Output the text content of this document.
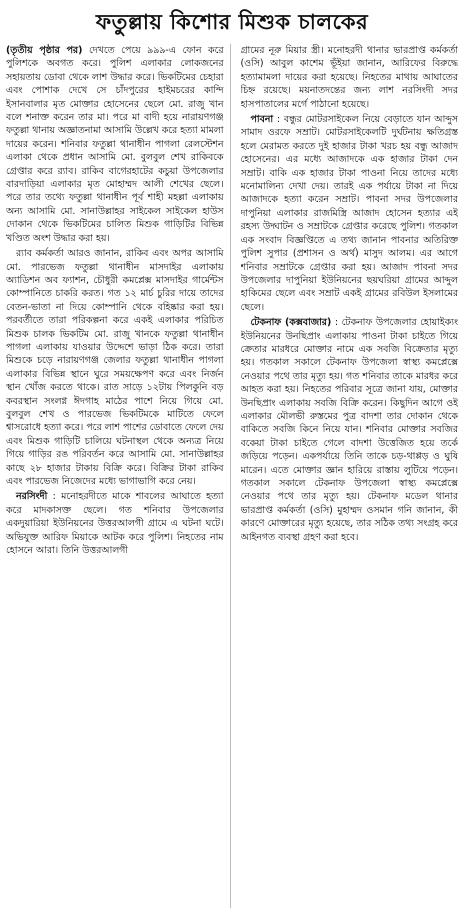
ফতুল্লায় কিশোর মিশুক চালকের

(তৃতীয় পৃষ্ঠার পর) দেখতে পেয়ে ৯৯৯-এ ফোন করে পুলিশকে অবগত করে। পুলিশ এলাকার লোকজনের সহায়তায় ডোবা থেকে লাশ উদ্ধার করে। ভিকটিমের চেহারা এবং পোশাক দেখে সে চাঁদপুরের হাইমচরের কান্দি ইসানবালার মৃত মোক্তার হোসেনের ছেলে মো. রাজু খান বলে শনাক্ত করেন তার মা। পরে মা বাদী হয়ে নারায়ণগঞ্জ ফতুল্লা থানায় অজ্ঞাতনামা আসামি উল্লেখ করে হত্যা মামলা দায়ের করেন। শনিবার ফতুল্লা থানাধীন পাগলা রেলস্টেশন এলাকা থেকে প্রধান আসামি মো. বুলবুল শেখ রাকিবকে গ্রেপ্তার করে র‍্যাব। রাকিব বাগেরহাটের কচুয়া উপজেলার বারদাড়িয়া এলাকার মৃত মোহাম্মদ আলী শেখের ছেলে। পরে তার তথ্যে ফতুল্লা থানাধীন পূর্ব শাহী মহল্লা এলাকায় অন্য আসামি মো. সানাউল্লাহর সাইকেল সাইকেল হাউস দোকান থেকে ভিকটিমের চালিত মিশুক গাড়িটির বিভিন্ন খণ্ডিত অংশ উদ্ধার করা হয়।

র‍্যাব কর্মকর্তা আরও জানান, রাকিব এবং অপর আসামি মো. পারভেজ ফতুল্লা থানাধীন মাসদাইর এলাকায় অ্যাডিশন অব ফ্যাশন, চৌধুরী কমপ্লেক্স মাসদাইর গার্মেন্টস কোম্পানিতে চাকরি করত। গত ১২ মার্চ চুরির দায়ে তাদের বেতন-ভাতা না দিয়ে কোম্পানি থেকে বহিষ্কার করা হয়। পরবর্তীতে তারা পরিকল্পনা করে একই এলাকার পরিচিত মিশুক চালক ভিকটিম মো. রাজু খানকে ফতুল্লা থানাধীন পাগলা এলাকায় যাওয়ার উদ্দেশে ভাড়া ঠিক করে। তারা মিশুকে চড়ে নারায়ণগঞ্জ জেলার ফতুল্লা থানাধীন পাগলা এলাকার বিভিন্ন স্থানে ঘুরে সময়ক্ষেপণ করে এবং নির্জন স্থান খোঁজ করতে থাকে। রাত সাড়ে ১২টায় পিলকুনি বড় কবরস্থান সংলগ্ন ঈদগাহ মাঠের পাশে নিয়ে গিয়ে মো. বুলবুল শেখ ও পারভেজ ভিকটিমকে মাটিতে ফেলে শ্বাসরোধে হত্যা করে। পরে লাশ পাশের ডোবাতে ফেলে দেয় এবং মিশুক গাড়িটি চালিয়ে ঘটনাস্থল থেকে অন্যত্র নিয়ে গিয়ে গাড়ির রঙ পরিবর্তন করে আসামি মো. সানাউল্লাহর কাছে ২৮ হাজার টাকায় বিক্রি করে। বিক্রির টাকা রাকিব এবং পারভেজ নিজেদের মধ্যে ভাগাভাগি করে নেয়।

নরসিংদী : মনোহরদীতে মাকে শাবলের আঘাতে হত্যা করে মাদকাসক্ত ছেলে। গত শনিবার উপজেলার একদুয়ারিয়া ইউনিয়নের উত্তরআলগী গ্রামে এ ঘটনা ঘটে। অভিযুক্ত আরিফ মিয়াকে আটক করে পুলিশ। নিহতের নাম হোসনে আরা। তিনি উত্তরআলগী

গ্রামের নূরু মিয়ার স্ত্রী। মনোহরদী থানার ভারপ্রাপ্ত কর্মকর্তা (ওসি) আবুল কাশেম ভূঁইয়া জানান, আরিফের বিরুদ্ধে হত্যামামলা দায়ের করা হয়েছে। নিহতের মাথায় আঘাতের চিহ্ন রয়েছে। ময়নাতদন্তের জন্য লাশ নরসিংদী সদর হাসপাতালের মর্গে পাঠানো হয়েছে।

পাবনা : বন্ধুর মোটরসাইকেল নিয়ে বেড়াতে যান আব্দুস সামাদ ওরফে সম্রাট। মোটরসাইকেলটি দুর্ঘটনায় ক্ষতিগ্রস্ত হলে মেরামত করতে দুই হাজার টাকা খরচ হয় বন্ধু আজাদ হোসেনের। এর মধ্যে আজাদকে এক হাজার টাকা দেন সম্রাট। বাকি এক হাজার টাকা পাওনা নিয়ে তাদের মধ্যে মনোমালিন্য দেখা দেয়। তারই এক পর্যায়ে টাকা না দিয়ে আজাদকে হত্যা করেন সম্রাট। পাবনা সদর উপজেলার দাপুনিয়া এলাকার রাজমিস্ত্রি আজাদ হোসেন হত্যার এই রহস্য উদ্ঘাটন ও সম্রাটকে গ্রেপ্তার করেছে পুলিশ। গতকাল এক সংবাদ বিজ্ঞপ্তিতে এ তথ্য জানান পাবনার অতিরিক্ত পুলিশ সুপার (প্রশাসন ও অর্থ) মাসুদ আলম। এর আগে শনিবার সম্রাটকে গ্রেপ্তার করা হয়। আজাদ পাবনা সদর উপজেলার দাপুনিয়া ইউনিয়নের ছয়ঘরিয়া গ্রামের আব্দুল হাকিমের ছেলে এবং সম্রাট একই গ্রামের রবিউল ইসলামের ছেলে।

টেকনাফ (কক্সবাজার) : টেকনাফ উপজেলার হোয়াইক্যং ইউনিয়নের উনছিপ্রাং এলাকায় পাওনা টাকা চাইতে গিয়ে ক্রেতার মারধরে মোক্তার নামে এক সবজি বিক্রেতার মৃত্যু হয়। গতকাল সকালে টেকনাফ উপজেলা স্বাস্থ্য কমপ্লেক্সে নেওয়ার পথে তার মৃত্যু হয়। গত শনিবার তাকে মারধর করে আহত করা হয়। নিহতের পরিবার সূত্রে জানা যায়, মোক্তার উনছিপ্রাং এলাকায় সবজি বিক্রি করেন। কিছুদিন আগে ওই এলাকার মৌলভী রুস্তমের পুত্র বাদশা তার দোকান থেকে বাকিতে সবজি কিনে নিয়ে যান। শনিবার মোক্তার সবজির বকেয়া টাকা চাইতে গেলে বাদশা উত্তেজিত হয়ে তর্কে জড়িয়ে পড়েন। একপর্যায়ে তিনি তাকে চড়-থাপ্পড় ও ঘুষি মারেন। এতে মোক্তার জ্ঞান হারিয়ে রাস্তায় লুটিয়ে পড়েন। গতকাল সকালে টেকনাফ উপজেলা স্বাস্থ্য কমপ্লেক্সে নেওয়ার পথে তার মৃত্যু হয়। টেকনাফ মডেল থানার ভারপ্রাপ্ত কর্মকর্তা (ওসি) মুহাম্মদ ওসমান গনি জানান, কী কারণে মোক্তারের মৃত্যু হয়েছে, তার সঠিক তথ্য সংগ্রহ করে আইনগত ব্যবস্থা গ্রহণ করা হবে।
